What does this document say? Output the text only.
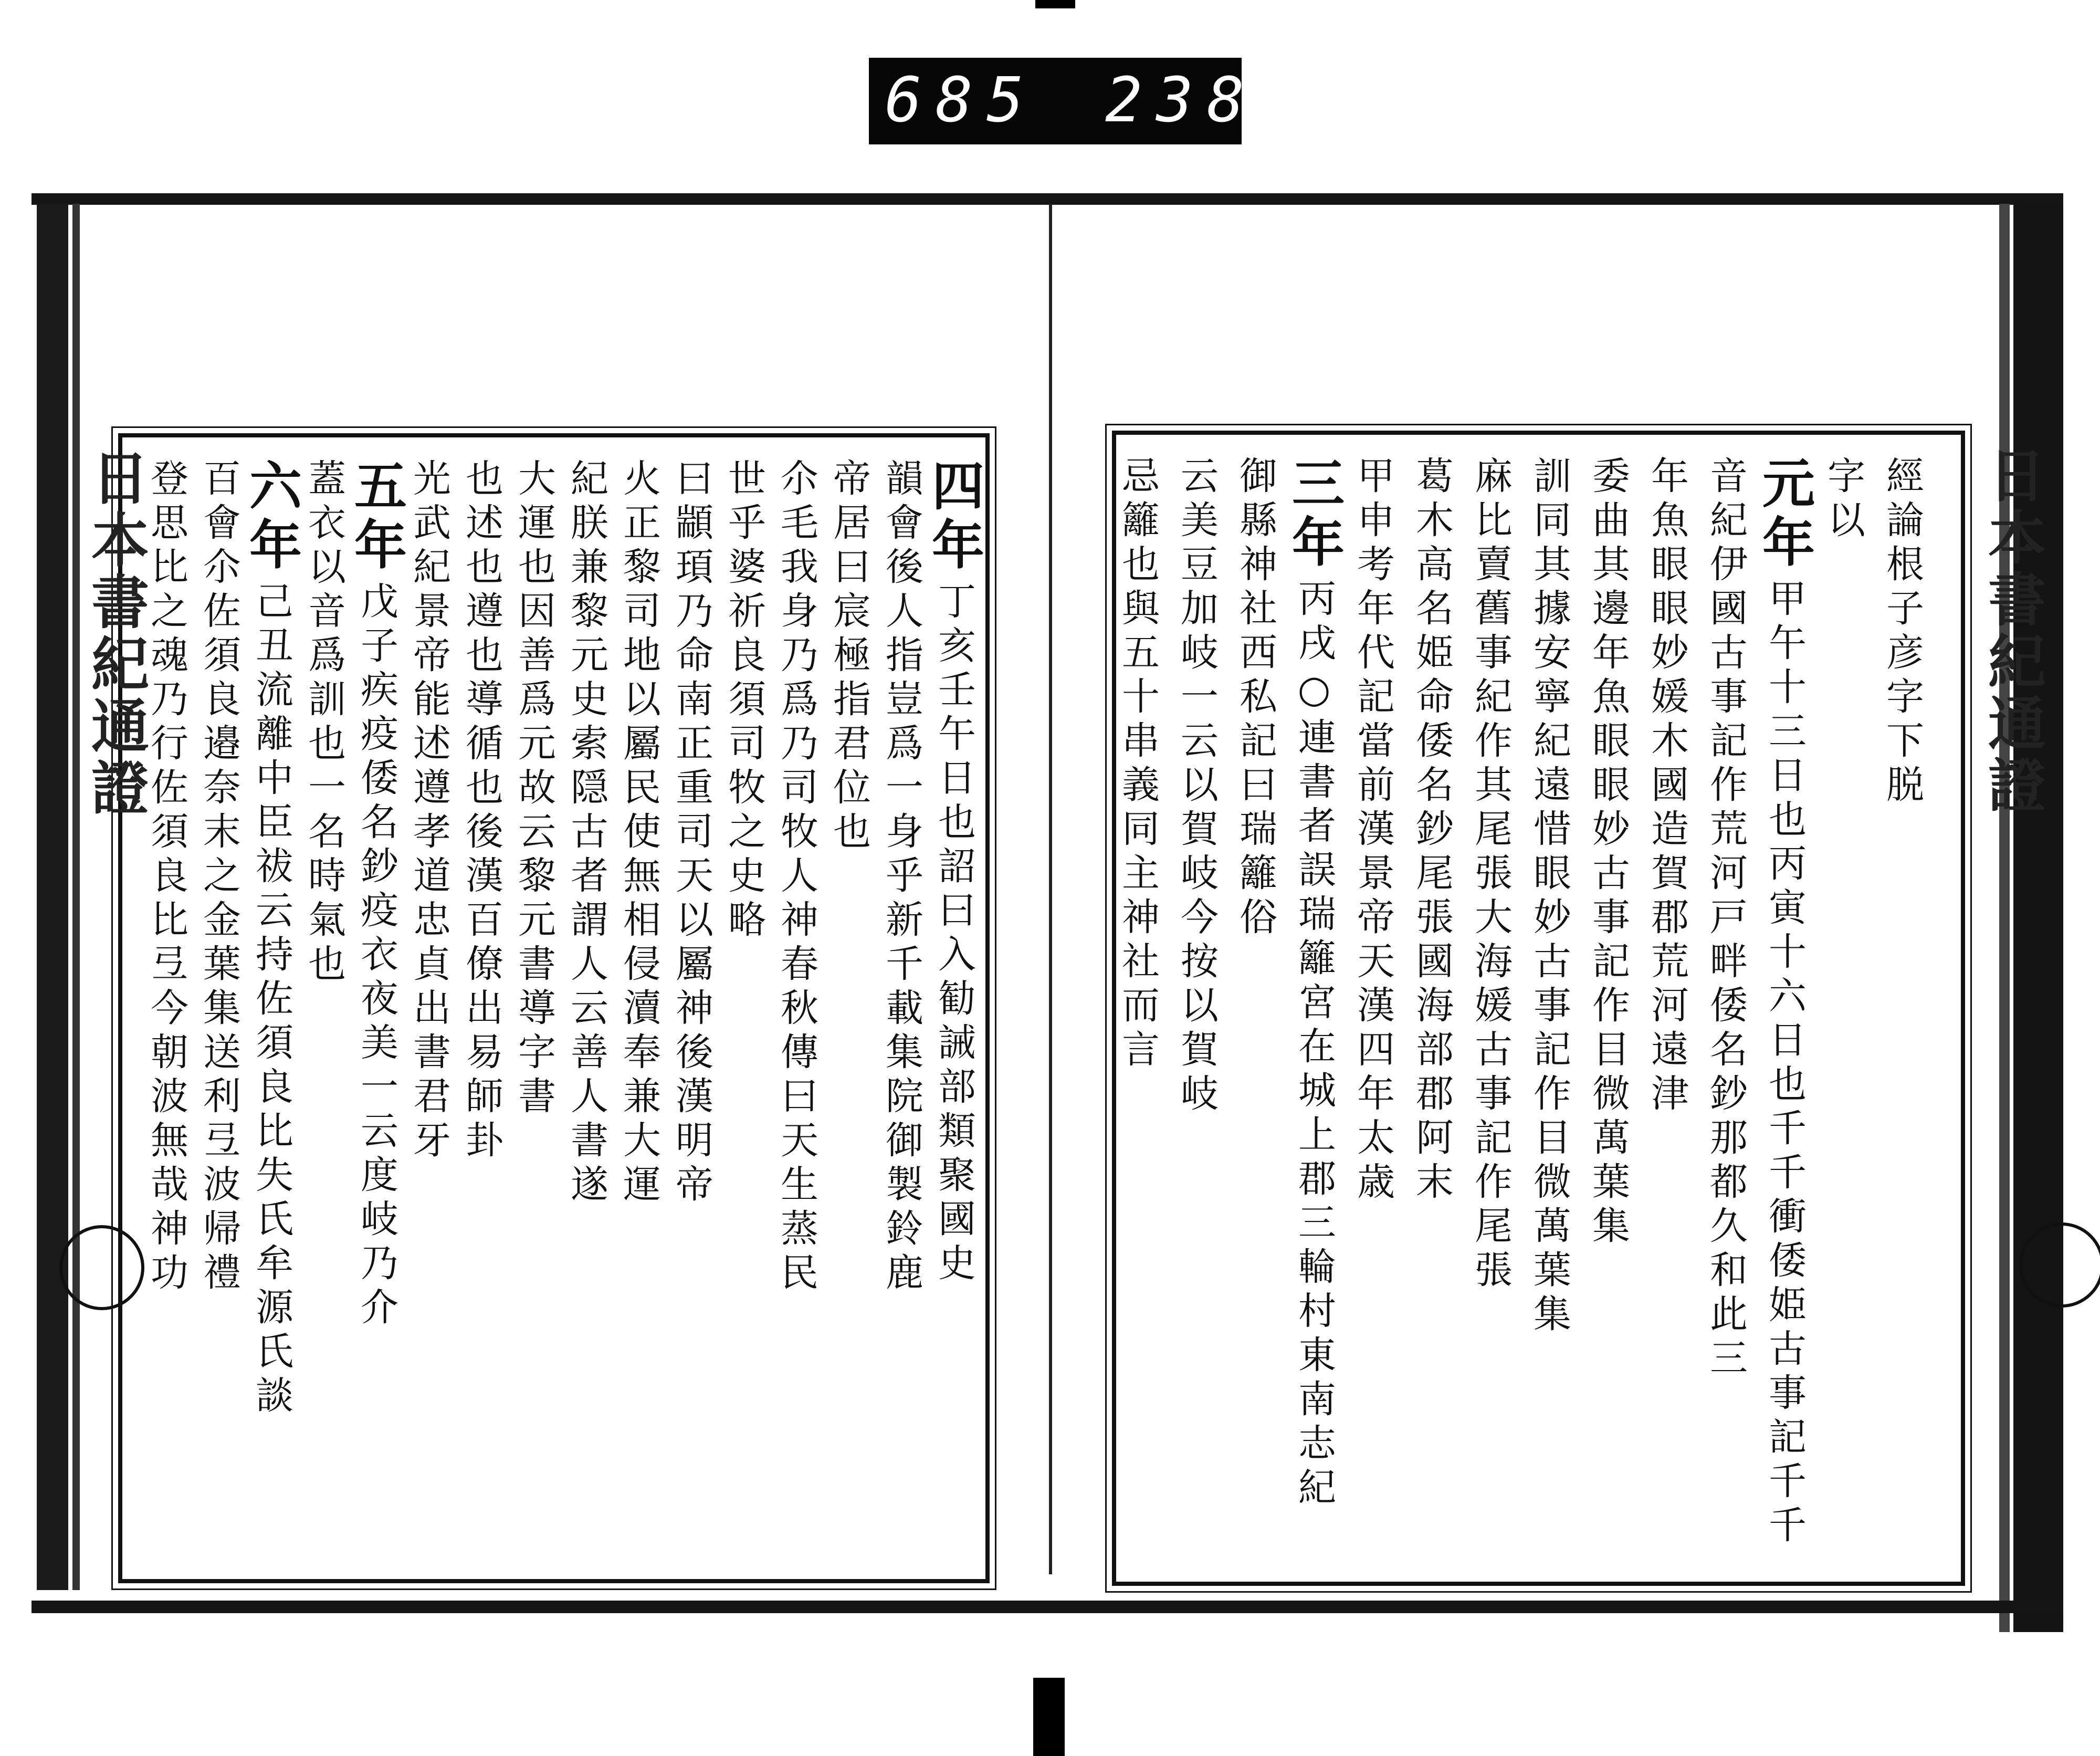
685 238.
日本書紀通證	四年
丁亥壬午日也詔曰入勧誡部類聚國史
韻會後人指豈爲一身乎新千載集院御製鈴鹿
帝居曰宸極指君位也
尒毛我身乃爲乃司牧人神春秋傳曰天生蒸民
世乎婆祈良須司牧之史略
曰顓頊乃命南正重司天以屬神後漢明帝
火正黎司地以屬民使無相侵瀆奉兼大運
紀朕兼黎元史索隠古者謂人云善人書遂
大運也因善爲元故云黎元書導字書
也述也遵也導循也後漢百僚出易師卦
光武紀景帝能述遵孝道忠貞出書君牙
五年
戊子疾疫倭名鈔疫衣夜美一云度岐乃介
蓋衣以音爲訓也一名時氣也
六年
己丑流離中臣祓云持佐須良比失氏牟源氏談
百會尒佐須良邉奈末之金葉集送利弖波帰禮
登思比之魂乃行佐須良比弖今朝波無哉神功	日本書紀通證
經論根子彦字下脱
字以
元年
甲午十三日也丙寅十六日也千千衝倭姫古事記千千
音紀伊國古事記作荒河戸畔倭名鈔那都久和此三
年魚眼眼妙媛木國造賀郡荒河遠津
委曲其邊年魚眼眼妙古事記作目微萬葉集
訓同其據安寧紀遠惜眼妙古事記作目微萬葉集
麻比賣舊事紀作其尾張大海媛古事記作尾張
葛木高名姫命倭名鈔尾張國海部郡阿末
甲申考年代記當前漢景帝天漢四年太歳
三年
丙戌○連書者誤瑞籬宮在城上郡三輪村東南志紀
御縣神社西私記曰瑞籬俗
云美豆加岐一云以賀岐今按以賀岐
忌籬也與五十串義同主神社而言
